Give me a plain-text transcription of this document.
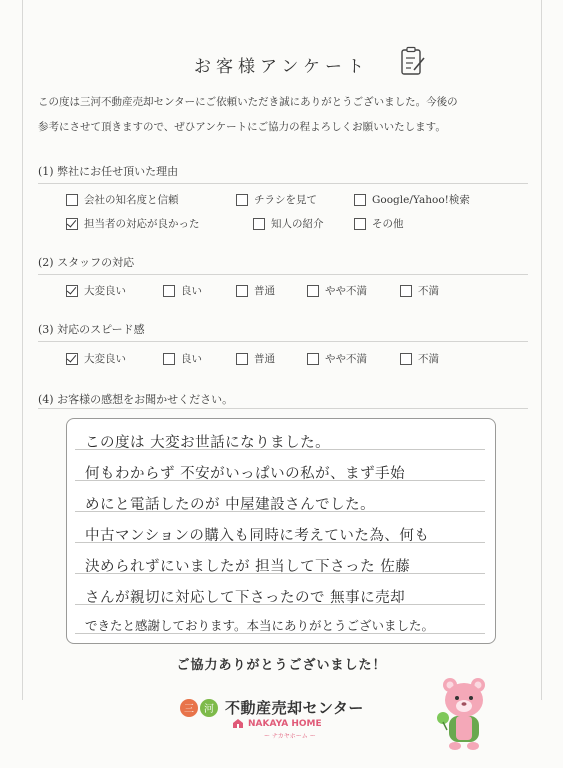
お客様アンケート
この度は三河不動産売却センターにご依頼いただき誠にありがとうございました。今後の
参考にさせて頂きますので、ぜひアンケートにご協力の程よろしくお願いいたします。
(1) 弊社にお任せ頂いた理由
会社の知名度と信頼	チラシを見て	Google/Yahoo!検索
担当者の対応が良かった	知人の紹介	その他
(2) スタッフの対応
大変良い	良い	普通	やや不満	不満
(3) 対応のスピード感
大変良い	良い	普通	やや不満	不満
(4) お客様の感想をお聞かせください。
この度は 大変お世話になりました。
何もわからず 不安がいっぱいの私が、まず手始
めにと電話したのが 中屋建設さんでした。
中古マンションの購入も同時に考えていた為、何も
決められずにいましたが 担当して下さった 佐藤
さんが親切に対応して下さったので 無事に売却
できたと感謝しております。本当にありがとうございました。
ご協力ありがとうございました！
三	河 不動産売却センター
NAKAYA HOME
ー ナカヤホーム ー
